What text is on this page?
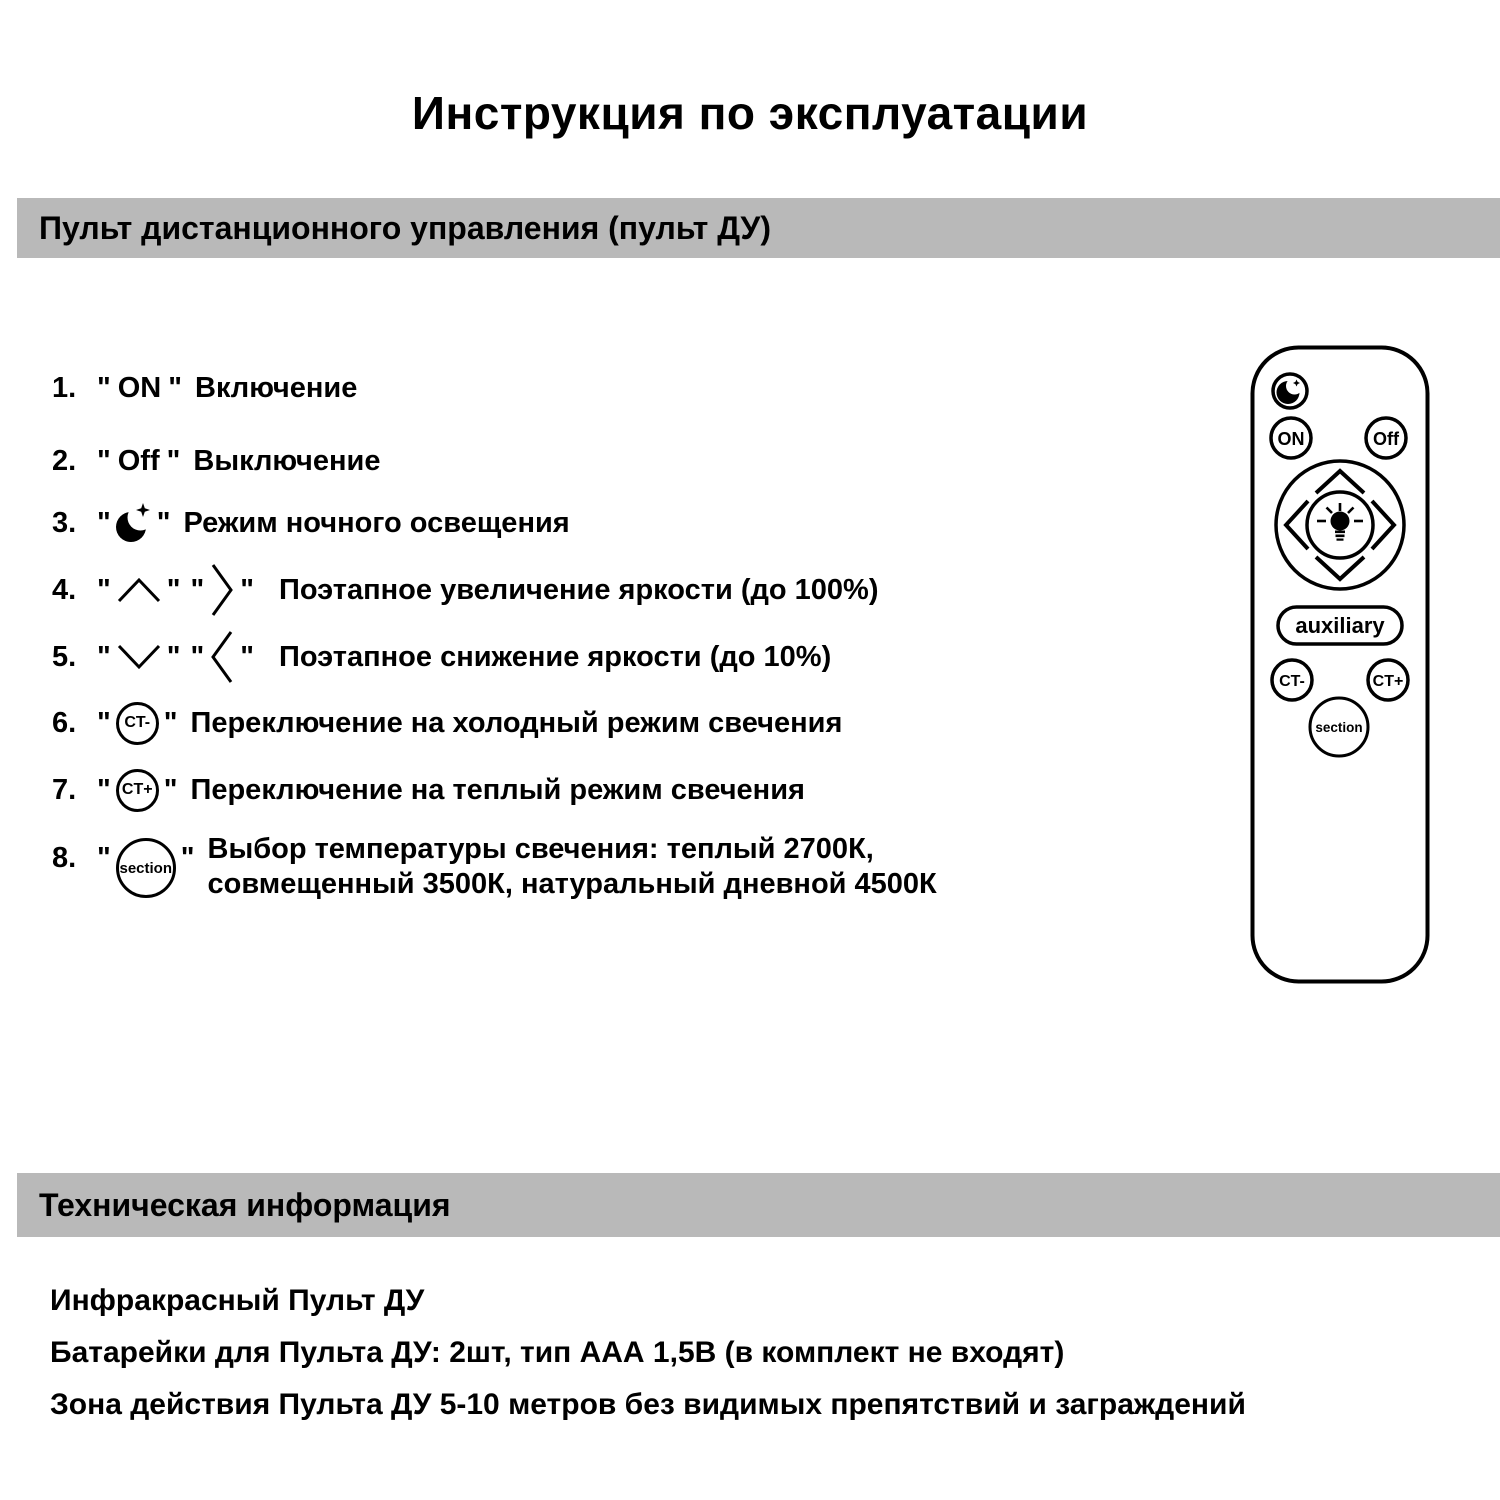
Инструкция по эксплуатации
Пульт дистанционного управления (пульт ДУ)
1. " ON " Включение
2. " Off " Выключение
3. " " Режим ночного освещения
4. " " " " Поэтапное увеличение яркости (до 100%)
5. " " " " Поэтапное снижение яркости (до 10%)
6. " CT- " Переключение на холодный режим свечения
7. " CT+ " Переключение на теплый режим свечения
8. " section " Выбор температуры свечения: теплый 2700К,
совмещенный 3500К, натуральный дневной 4500К
ON	Off
auxiliary
CT-	CT+
section
Техническая информация
Инфракрасный Пульт ДУ
Батарейки для Пульта ДУ: 2шт, тип ААА 1,5В (в комплект не входят)
Зона действия Пульта ДУ 5-10 метров без видимых препятствий и заграждений
